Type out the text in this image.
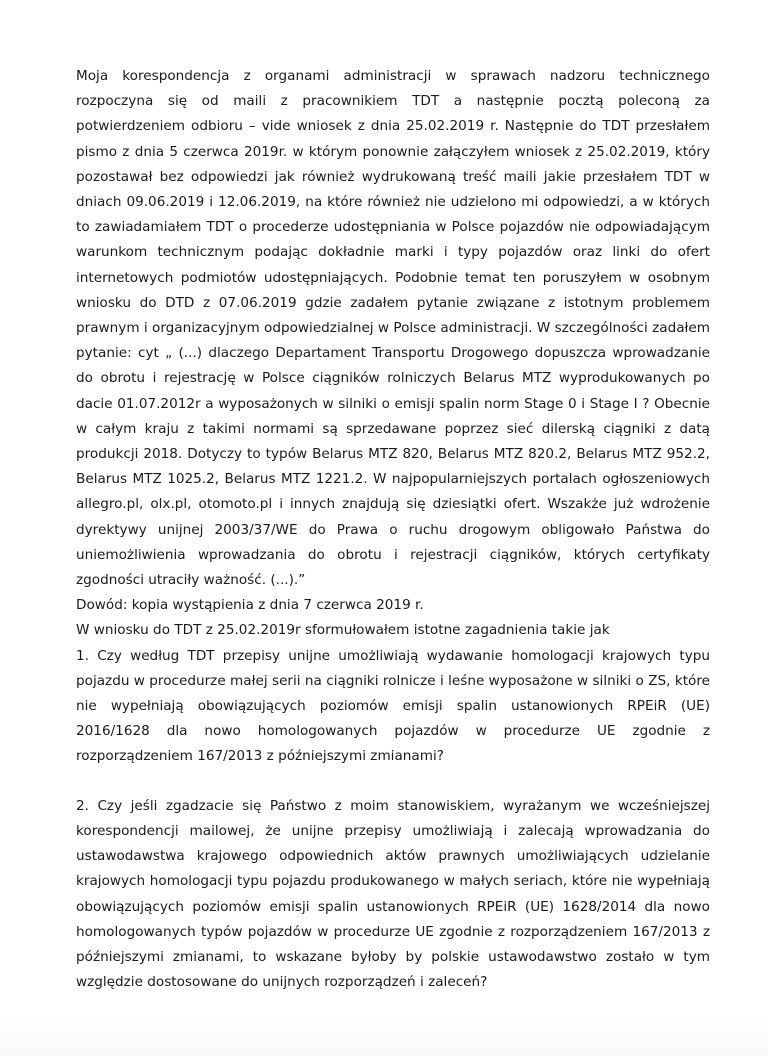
Moja korespondencja z organami administracji w sprawach nadzoru technicznego rozpoczyna się od maili z pracownikiem TDT a następnie pocztą poleconą za potwierdzeniem odbioru – vide wniosek z dnia 25.02.2019 r. Następnie do TDT przesłałem pismo z dnia 5 czerwca 2019r. w którym ponownie załączyłem wniosek z 25.02.2019, który pozostawał bez odpowiedzi jak również wydrukowaną treść maili jakie przesłałem TDT w dniach 09.06.2019 i 12.06.2019, na które również nie udzielono mi odpowiedzi, a w których to zawiadamiałem TDT o procederze udostępniania w Polsce pojazdów nie odpowiadającym warunkom technicznym podając dokładnie marki i typy pojazdów oraz linki do ofert internetowych podmiotów udostępniających. Podobnie temat ten poruszyłem w osobnym wniosku do DTD z 07.06.2019 gdzie zadałem pytanie związane z istotnym problemem prawnym i organizacyjnym odpowiedzialnej w Polsce administracji. W szczególności zadałem pytanie: cyt „ (...) dlaczego Departament Transportu Drogowego dopuszcza wprowadzanie do obrotu i rejestrację w Polsce ciągników rolniczych Belarus MTZ wyprodukowanych po dacie 01.07.2012r a wyposażonych w silniki o emisji spalin norm Stage 0 i Stage I ? Obecnie w całym kraju z takimi normami są sprzedawane poprzez sieć dilerską ciągniki z datą produkcji 2018. Dotyczy to typów Belarus MTZ 820, Belarus MTZ 820.2, Belarus MTZ 952.2, Belarus MTZ 1025.2, Belarus MTZ 1221.2. W najpopularniejszych portalach ogłoszeniowych allegro.pl, olx.pl, otomoto.pl i innych znajdują się dziesiątki ofert. Wszakże już wdrożenie dyrektywy unijnej 2003/37/WE do Prawa o ruchu drogowym obligowało Państwa do uniemożliwienia wprowadzania do obrotu i rejestracji ciągników, których certyfikaty zgodności utraciły ważność. (...).”

Dowód: kopia wystąpienia z dnia 7 czerwca 2019 r.

W wniosku do TDT z 25.02.2019r sformułowałem istotne zagadnienia takie jak

1. Czy według TDT przepisy unijne umożliwiają wydawanie homologacji krajowych typu pojazdu w procedurze małej serii na ciągniki rolnicze i leśne wyposażone w silniki o ZS, które nie wypełniają obowiązujących poziomów emisji spalin ustanowionych RPEiR (UE) 2016/1628 dla nowo homologowanych pojazdów w procedurze UE zgodnie z rozporządzeniem 167/2013 z późniejszymi zmianami?

2. Czy jeśli zgadzacie się Państwo z moim stanowiskiem, wyrażanym we wcześniejszej korespondencji mailowej, że unijne przepisy umożliwiają i zalecają wprowadzania do ustawodawstwa krajowego odpowiednich aktów prawnych umożliwiających udzielanie krajowych homologacji typu pojazdu produkowanego w małych seriach, które nie wypełniają obowiązujących poziomów emisji spalin ustanowionych RPEiR (UE) 1628/2014 dla nowo homologowanych typów pojazdów w procedurze UE zgodnie z rozporządzeniem 167/2013 z późniejszymi zmianami, to wskazane byłoby by polskie ustawodawstwo zostało w tym względzie dostosowane do unijnych rozporządzeń i zaleceń?
